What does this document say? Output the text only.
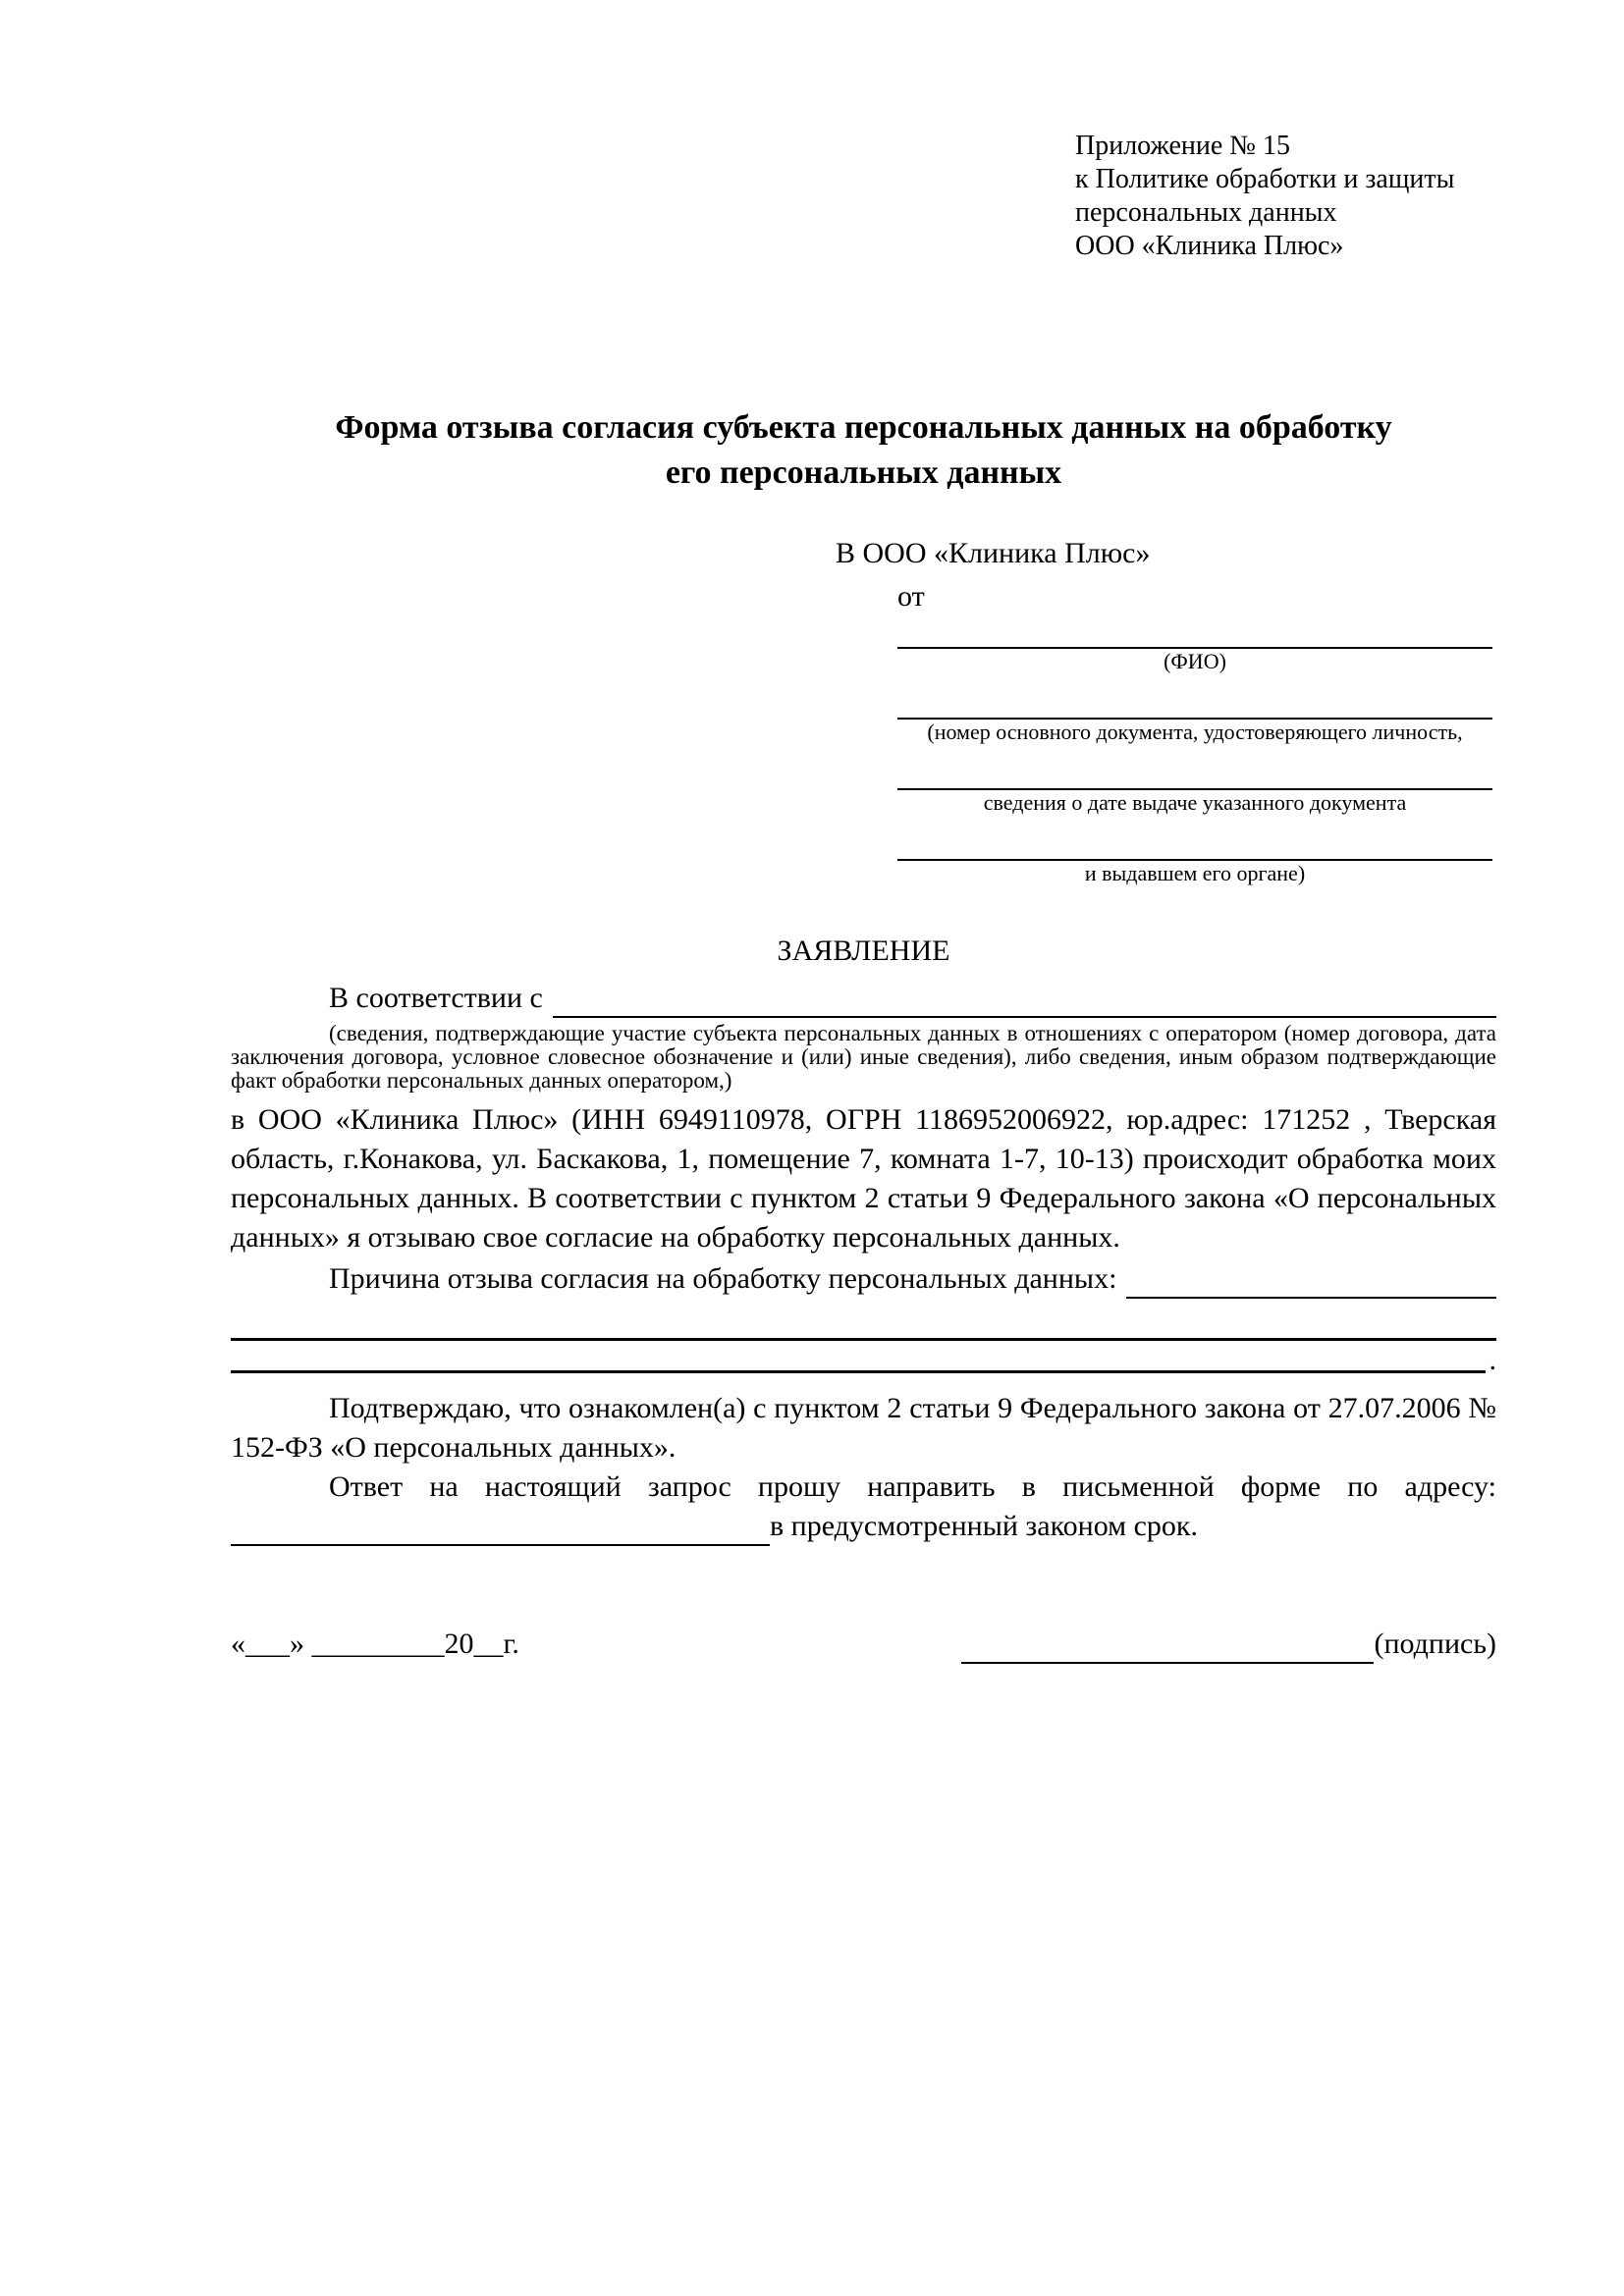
Приложение № 15
к Политике обработки и защиты
персональных данных
ООО «Клиника Плюс»
Форма отзыва согласия субъекта персональных данных на обработку
его персональных данных
В ООО «Клиника Плюс»
от
(ФИО)
(номер основного документа, удостоверяющего личность,
сведения о дате выдаче указанного документа
и выдавшем его органе)
ЗАЯВЛЕНИЕ
В соответствии с
(сведения, подтверждающие участие субъекта персональных данных в отношениях с оператором (номер договора, дата заключения договора, условное словесное обозначение и (или) иные сведения), либо сведения, иным образом подтверждающие факт обработки персональных данных оператором,)
в ООО «Клиника Плюс» (ИНН 6949110978, ОГРН 1186952006922, юр.адрес: 171252 , Тверская область, г.Конакова, ул. Баскакова, 1, помещение 7, комната 1-7, 10-13) происходит обработка моих персональных данных. В соответствии с пунктом 2 статьи 9 Федерального закона «О персональных данных» я отзываю свое согласие на обработку персональных данных.
Причина отзыва согласия на обработку персональных данных:
.
Подтверждаю, что ознакомлен(а) с пунктом 2 статьи 9 Федерального закона от 27.07.2006 № 152-ФЗ «О персональных данных».
Ответ на настоящий запрос прошу направить в письменной форме по адресу:
в предусмотренный законом срок.
«___» _________20__г.	(подпись)
